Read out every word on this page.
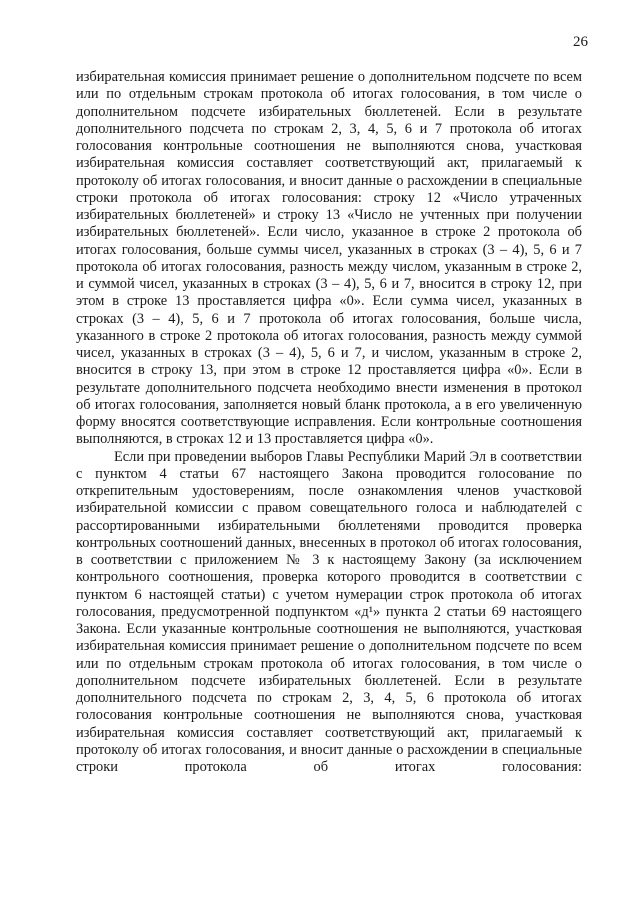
26

избирательная комиссия принимает решение о дополнительном подсчете по всем или по отдельным строкам протокола об итогах голосования, в том числе о дополнительном подсчете избирательных бюллетеней. Если в результате дополнительного подсчета по строкам 2, 3, 4, 5, 6 и 7 протокола об итогах голосования контрольные соотношения не выполняются снова, участковая избирательная комиссия составляет соответствующий акт, прилагаемый к протоколу об итогах голосования, и вносит данные о расхождении в специальные строки протокола об итогах голосования: строку 12 «Число утраченных избирательных бюллетеней» и строку 13 «Число не учтенных при получении избирательных бюллетеней». Если число, указанное в строке 2 протокола об итогах голосования, больше суммы чисел, указанных в строках (3 – 4), 5, 6 и 7 протокола об итогах голосования, разность между числом, указанным в строке 2, и суммой чисел, указанных в строках (3 – 4), 5, 6 и 7, вносится в строку 12, при этом в строке 13 проставляется цифра «0». Если сумма чисел, указанных в строках (3 – 4), 5, 6 и 7 протокола об итогах голосования, больше числа, указанного в строке 2 протокола об итогах голосования, разность между суммой чисел, указанных в строках (3 – 4), 5, 6 и 7, и числом, указанным в строке 2, вносится в строку 13, при этом в строке 12 проставляется цифра «0». Если в результате дополнительного подсчета необходимо внести изменения в протокол об итогах голосования, заполняется новый бланк протокола, а в его увеличенную форму вносятся соответствующие исправления. Если контрольные соотношения выполняются, в строках 12 и 13 проставляется цифра «0».

Если при проведении выборов Главы Республики Марий Эл в соответствии с пунктом 4 статьи 67 настоящего Закона проводится голосование по открепительным удостоверениям, после ознакомления членов участковой избирательной комиссии с правом совещательного голоса и наблюдателей с рассортированными избирательными бюллетенями проводится проверка контрольных соотношений данных, внесенных в протокол об итогах голосования, в соответствии с приложением № 3 к настоящему Закону (за исключением контрольного соотношения, проверка которого проводится в соответствии с пунктом 6 настоящей статьи) с учетом нумерации строк протокола об итогах голосования, предусмотренной подпунктом «д¹» пункта 2 статьи 69 настоящего Закона. Если указанные контрольные соотношения не выполняются, участковая избирательная комиссия принимает решение о дополнительном подсчете по всем или по отдельным строкам протокола об итогах голосования, в том числе о дополнительном подсчете избирательных бюллетеней. Если в результате дополнительного подсчета по строкам 2, 3, 4, 5, 6 протокола об итогах голосования контрольные соотношения не выполняются снова, участковая избирательная комиссия составляет соответствующий акт, прилагаемый к протоколу об итогах голосования, и вносит данные о расхождении в специальные строки протокола об итогах голосования:
